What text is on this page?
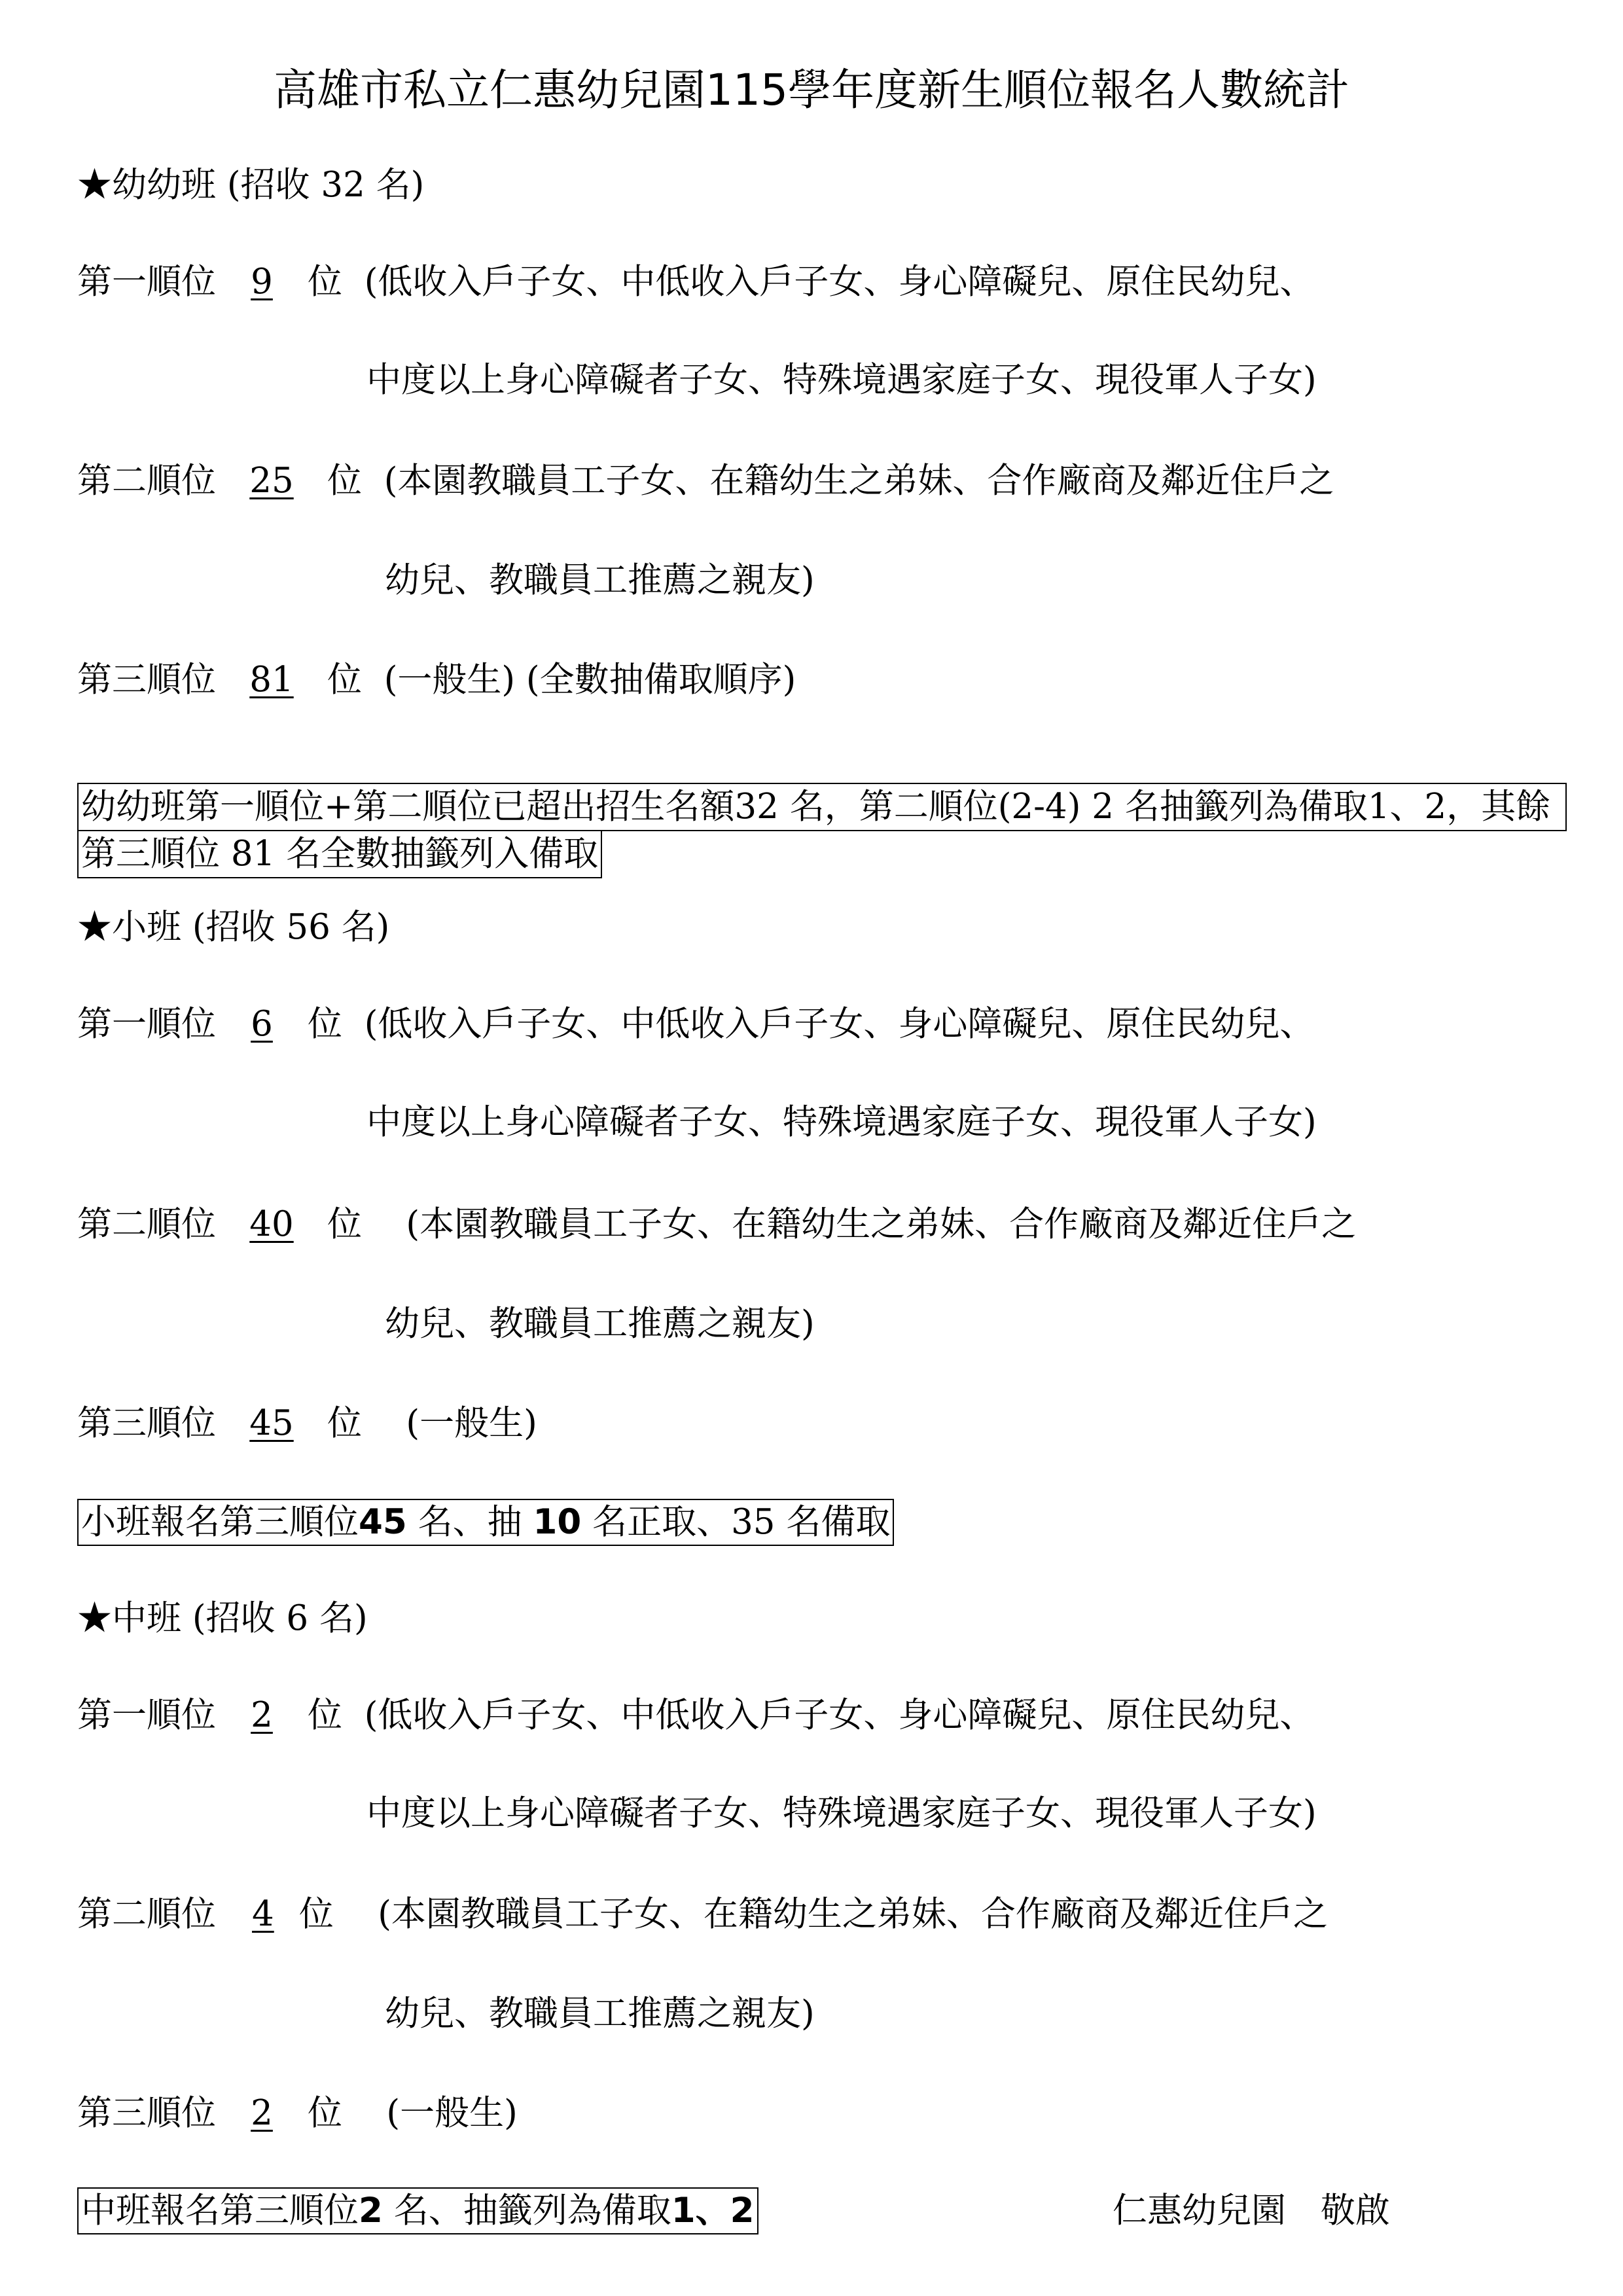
高雄市私立仁惠幼兒園115學年度新生順位報名人數統計
★幼幼班 (招收 32 名)
第一順位 9 位 (低收入戶子女、中低收入戶子女、身心障礙兒、原住民幼兒、
中度以上身心障礙者子女、特殊境遇家庭子女、現役軍人子女)
第二順位 25 位 (本園教職員工子女、在籍幼生之弟妹、合作廠商及鄰近住戶之
幼兒、教職員工推薦之親友)
第三順位 81 位 (一般生) (全數抽備取順序)
幼幼班第一順位+第二順位已超出招生名額32 名，第二順位(2-4) 2 名抽籤列為備取1、2，其餘
第三順位 81 名全數抽籤列入備取
★小班 (招收 56 名)
第一順位 6 位 (低收入戶子女、中低收入戶子女、身心障礙兒、原住民幼兒、
中度以上身心障礙者子女、特殊境遇家庭子女、現役軍人子女)
第二順位 40 位 (本園教職員工子女、在籍幼生之弟妹、合作廠商及鄰近住戶之
幼兒、教職員工推薦之親友)
第三順位 45 位 (一般生)
小班報名第三順位45 名、抽 10 名正取、35 名備取
★中班 (招收 6 名)
第一順位 2 位 (低收入戶子女、中低收入戶子女、身心障礙兒、原住民幼兒、
中度以上身心障礙者子女、特殊境遇家庭子女、現役軍人子女)
第二順位 4 位 (本園教職員工子女、在籍幼生之弟妹、合作廠商及鄰近住戶之
幼兒、教職員工推薦之親友)
第三順位 2 位 (一般生)
中班報名第三順位2 名、抽籤列為備取1、2	仁惠幼兒園　敬啟
